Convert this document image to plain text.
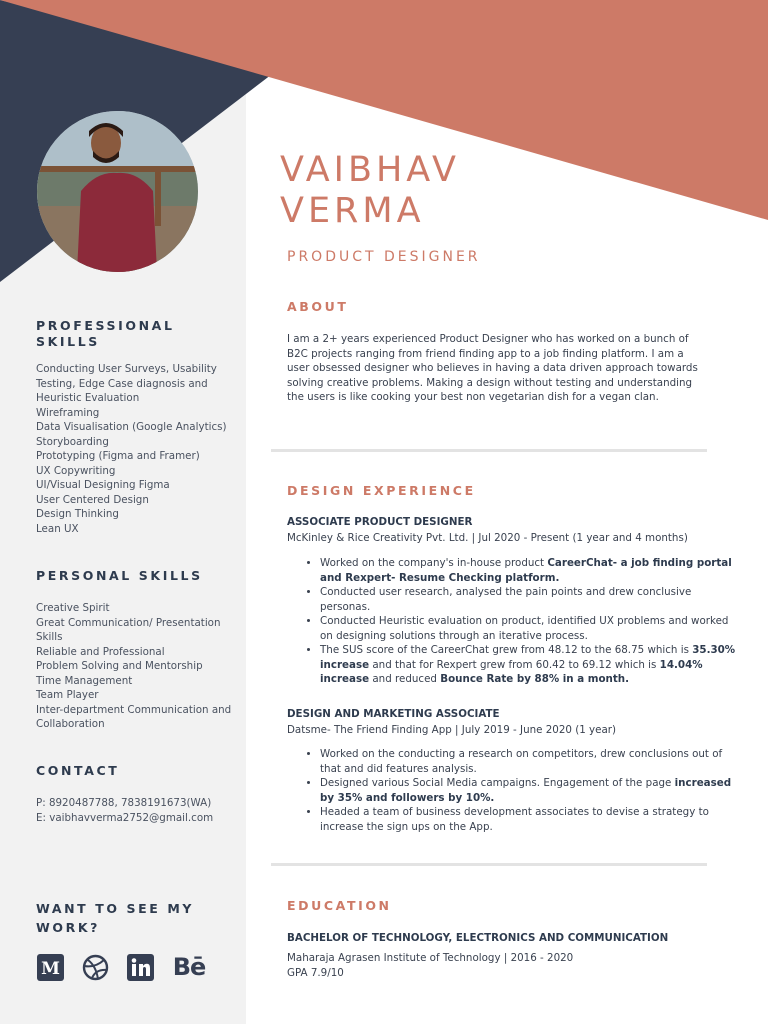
VAIBHAV
VERMA
PRODUCT DESIGNER
PROFESSIONAL SKILLS
Conducting User Surveys, Usability Testing, Edge Case diagnosis and Heuristic Evaluation
Wireframing
Data Visualisation (Google Analytics)
Storyboarding
Prototyping (Figma and Framer)
UX Copywriting
UI/Visual Designing Figma
User Centered Design
Design Thinking
Lean UX
PERSONAL SKILLS
Creative Spirit
Great Communication/ Presentation Skills
Reliable and Professional
Problem Solving and Mentorship
Time Management
Team Player
Inter-department Communication and Collaboration
CONTACT
P: 8920487788, 7838191673(WA)
E: vaibhavverma2752@gmail.com
WANT TO SEE MY WORK?
M	Bē
ABOUT

I am a 2+ years experienced Product Designer who has worked on a bunch of B2C projects ranging from friend finding app to a job finding platform. I am a user obsessed designer who believes in having a data driven approach towards solving creative problems. Making a design without testing and understanding the users is like cooking your best non vegetarian dish for a vegan clan.

DESIGN EXPERIENCE
ASSOCIATE PRODUCT DESIGNER
McKinley & Rice Creativity Pvt. Ltd. | Jul 2020 - Present (1 year and 4 months)
• Worked on the company's in-house product CareerChat- a job finding portal and Rexpert- Resume Checking platform.
• Conducted user research, analysed the pain points and drew conclusive personas.
• Conducted Heuristic evaluation on product, identified UX problems and worked on designing solutions through an iterative process.
• The SUS score of the CareerChat grew from 48.12 to the 68.75 which is 35.30% increase and that for Rexpert grew from 60.42 to 69.12 which is 14.04% increase and reduced Bounce Rate by 88% in a month.
DESIGN AND MARKETING ASSOCIATE
Datsme- The Friend Finding App | July 2019 - June 2020 (1 year)
• Worked on the conducting a research on competitors, drew conclusions out of that and did features analysis.
• Designed various Social Media campaigns. Engagement of the page increased by 35% and followers by 10%.
• Headed a team of business development associates to devise a strategy to increase the sign ups on the App.
EDUCATION
BACHELOR OF TECHNOLOGY, ELECTRONICS AND COMMUNICATION
Maharaja Agrasen Institute of Technology | 2016 - 2020
GPA 7.9/10
